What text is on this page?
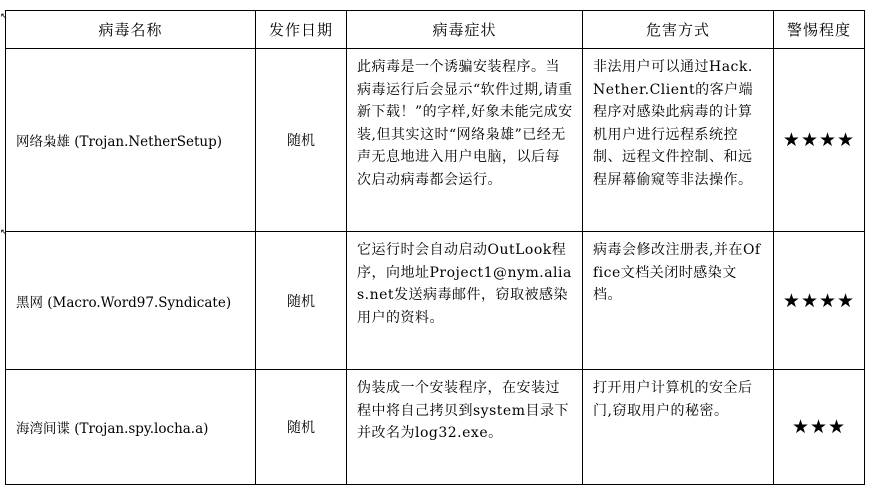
↖
↖
病毒名称	发作日期	病毒症状	危害方式	警惕程度
网络枭雄 (Trojan.NetherSetup)	随机	此病毒是一个诱骗安装程序。当病毒运行后会显示“软件过期,请重新下载！”的字样,好象未能完成安装,但其实这时“网络枭雄”已经无声无息地进入用户电脑，以后每次启动病毒都会运行。	非法用户可以通过Hack.Nether.Client的客户端程序对感染此病毒的计算机用户进行远程系统控制、远程文件控制、和远程屏幕偷窥等非法操作。	★★★★
黑网 (Macro.Word97.Syndicate)	随机	它运行时会自动启动OutLook程序，向地址Project1@nym.alias.net发送病毒邮件，窃取被感染用户的资料。	病毒会修改注册表,并在Office文档关闭时感染文档。	★★★★
海湾间谍 (Trojan.spy.locha.a)	随机	伪装成一个安装程序，在安装过程中将自己拷贝到system目录下并改名为log32.exe。	打开用户计算机的安全后门,窃取用户的秘密。	★★★
